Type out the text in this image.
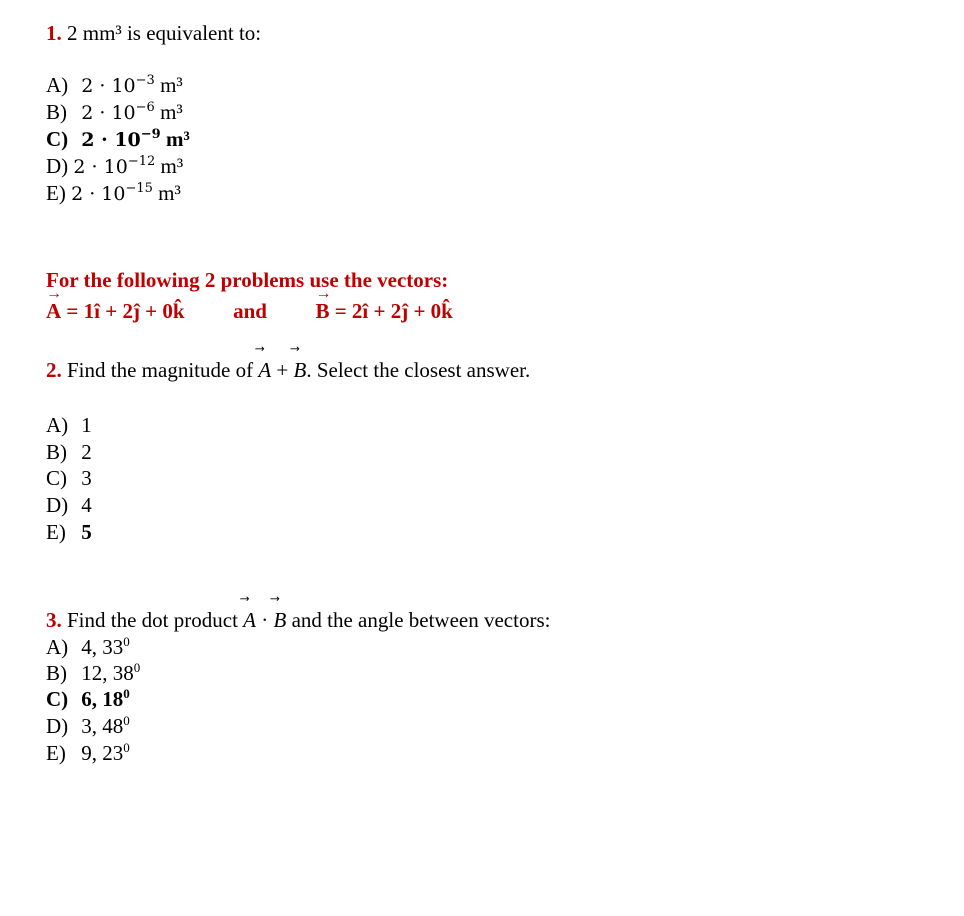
1. 2 mm³ is equivalent to:
A) $2 \cdot 10^{-3}$ m³
B) $2 \cdot 10^{-6}$ m³
C) $2 \cdot 10^{-9}$ m³
D) $2 \cdot 10^{-12}$ m³
E) $2 \cdot 10^{-15}$ m³
For the following 2 problems use the vectors:
→ A = 1î + 2ĵ + 0k̂ and  → B = 2î + 2ĵ + 0k̂
2. Find the magnitude of ⃗ A + ⃗ B. Select the closest answer.
A) 1
B) 2
C) 3
D) 4
E) 5
3. Find the dot product ⃗ A · ⃗ B and the angle between vectors:
A) 4, $33^0$
B) 12, $38^0$
C) 6, $18^0$
D) 3, $48^0$
E) 9, $23^0$
